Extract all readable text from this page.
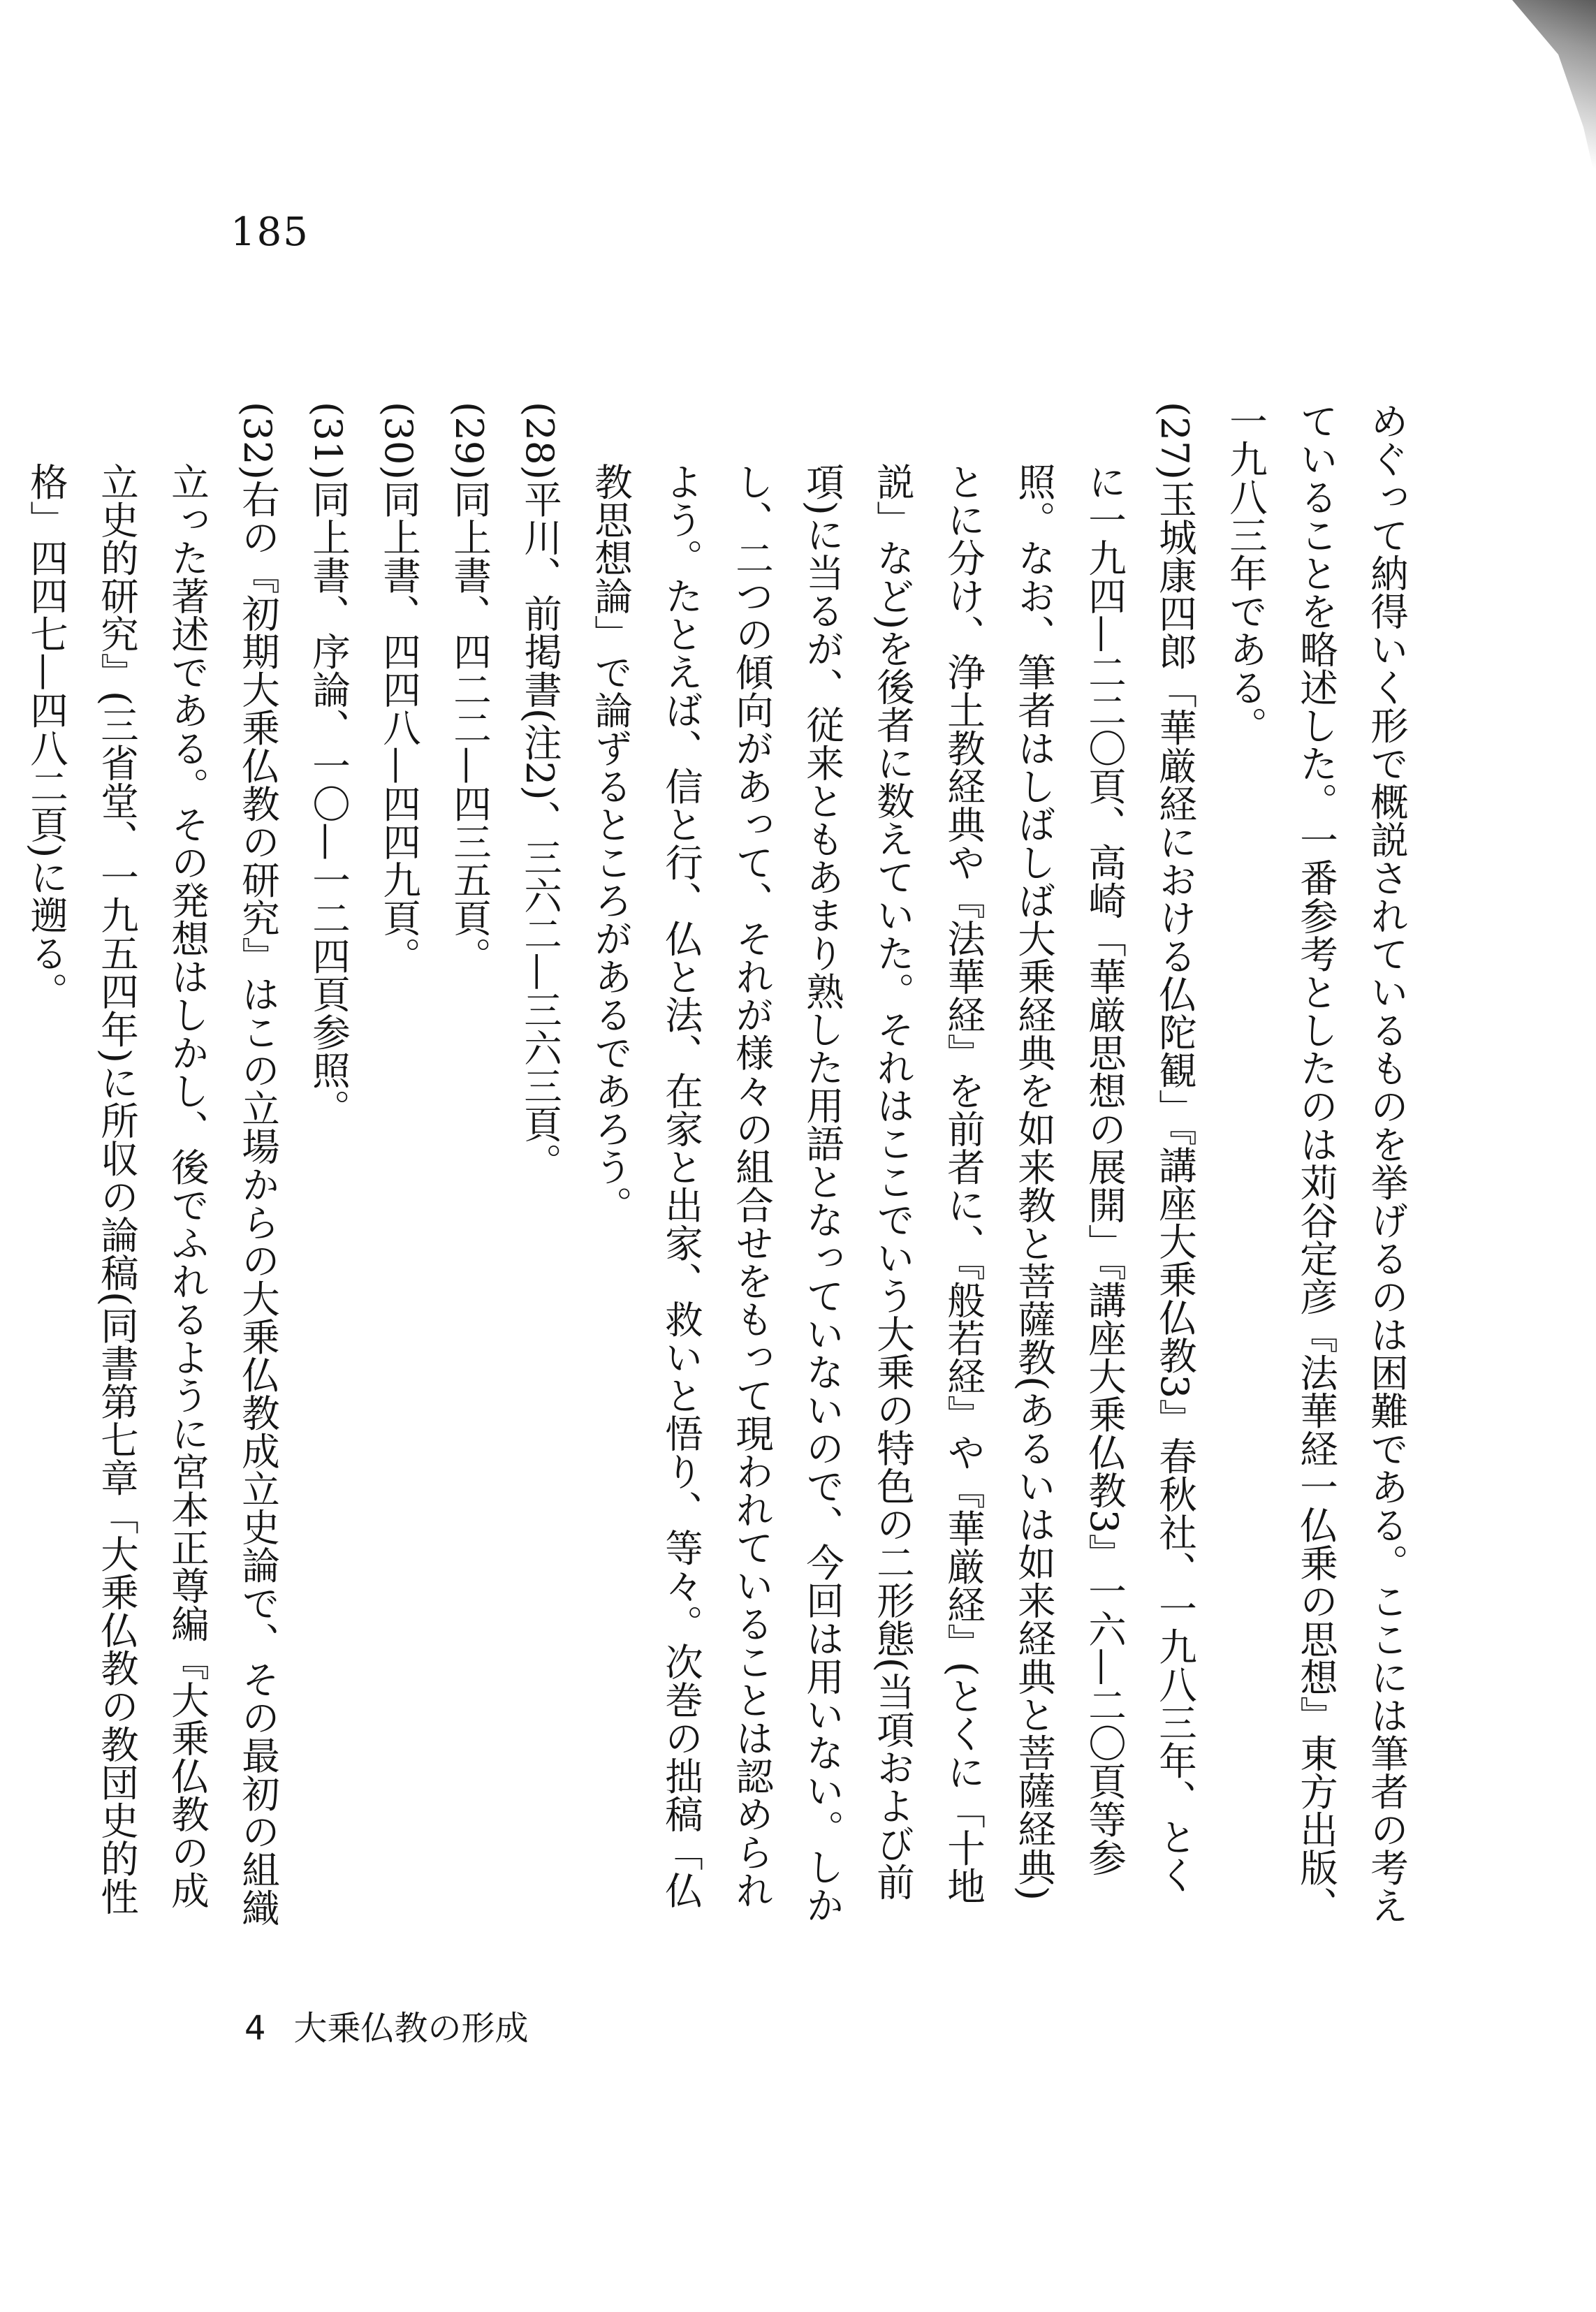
185

めぐって納得いく形で概説されているものを挙げるのは困難である。ここには筆者の考えていることを略述した。一番参考としたのは苅谷定彦『法華経一仏乗の思想』東方出版、一九八三年である。

(27)玉城康四郎「華厳経における仏陀観」『講座大乗仏教3』春秋社、一九八三年、とくに一九四—二二〇頁、高崎「華厳思想の展開」『講座大乗仏教3』一六—二〇頁等参照。なお、筆者はしばしば大乗経典を如来教と菩薩教(あるいは如来経典と菩薩経典)とに分け、浄土教経典や『法華経』を前者に、『般若経』や『華厳経』(とくに「十地説」など)を後者に数えていた。それはここでいう大乗の特色の二形態(当項および前項)に当るが、従来ともあまり熟した用語となっていないので、今回は用いない。しかし、二つの傾向があって、それが様々の組合せをもって現われていることは認められよう。たとえば、信と行、仏と法、在家と出家、救いと悟り、等々。次巻の拙稿「仏教思想論」で論ずるところがあるであろう。

(28)平川、前掲書(注2)、三六二—三六三頁。

(29)同上書、四二二—四三五頁。

(30)同上書、四四八—四四九頁。

(31)同上書、序論、一〇—一二四頁参照。

(32)右の『初期大乗仏教の研究』はこの立場からの大乗仏教成立史論で、その最初の組織立った著述である。その発想はしかし、後でふれるように宮本正尊編『大乗仏教の成立史的研究』(三省堂、一九五四年)に所収の論稿(同書第七章「大乗仏教の教団史的性格」四四七—四八二頁)に遡る。

4 大乗仏教の形成
